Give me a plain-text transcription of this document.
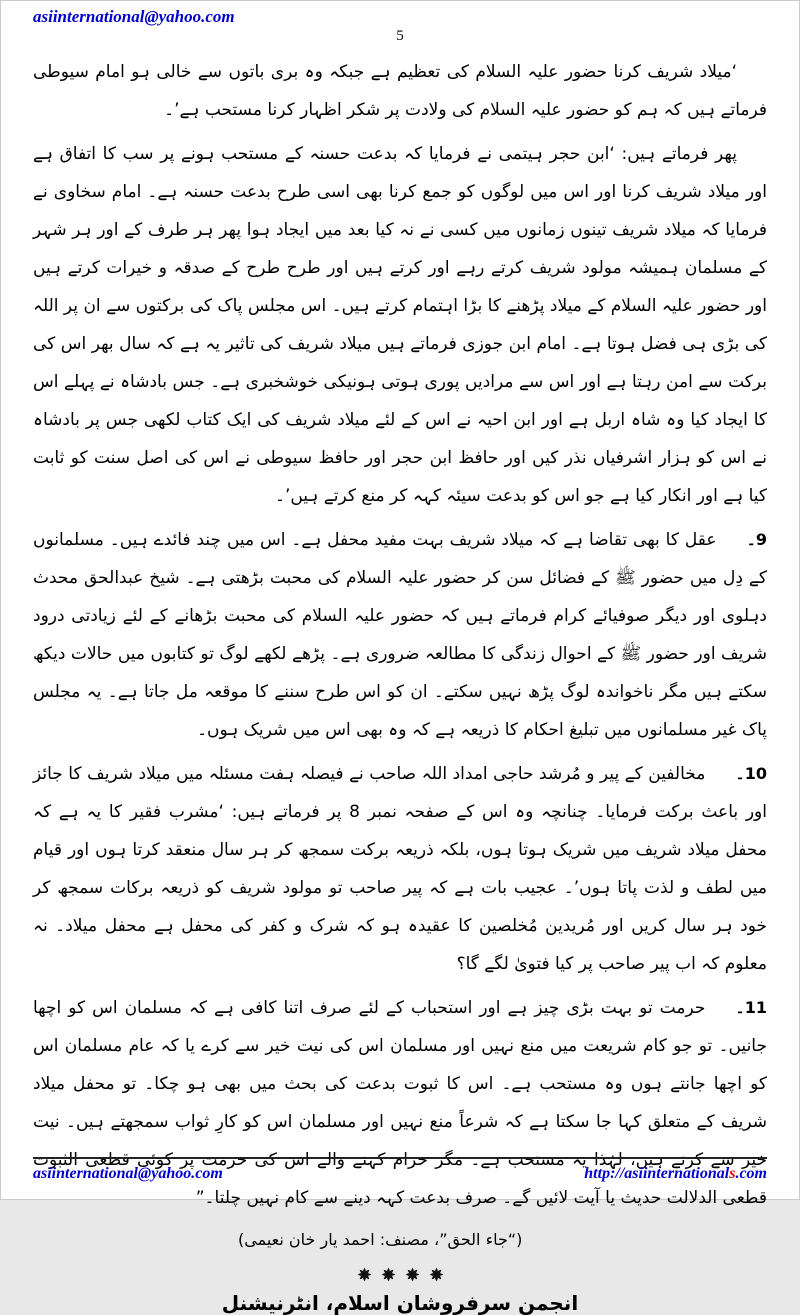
asiinternational@yahoo.com
5

‘میلاد شریف کرنا حضور علیہ السلام کی تعظیم ہے جبکہ وہ بری باتوں سے خالی ہو امام سیوطی فرماتے ہیں کہ ہم کو حضور علیہ السلام کی ولادت پر شکر اظہار کرنا مستحب ہے’۔

پھر فرماتے ہیں: ‘ابن حجر ہیتمی نے فرمایا کہ بدعت حسنہ کے مستحب ہونے پر سب کا اتفاق ہے اور میلاد شریف کرنا اور اس میں لوگوں کو جمع کرنا بھی اسی طرح بدعت حسنہ ہے۔ امام سخاوی نے فرمایا کہ میلاد شریف تینوں زمانوں میں کسی نے نہ کیا بعد میں ایجاد ہوا پھر ہر طرف کے اور ہر شہر کے مسلمان ہمیشہ مولود شریف کرتے رہے اور کرتے ہیں اور طرح طرح کے صدقہ و خیرات کرتے ہیں اور حضور علیہ السلام کے میلاد پڑھنے کا بڑا اہتمام کرتے ہیں۔ اس مجلس پاک کی برکتوں سے ان پر اللہ کی بڑی ہی فضل ہوتا ہے۔ امام ابن جوزی فرماتے ہیں میلاد شریف کی تاثیر یہ ہے کہ سال بھر اس کی برکت سے امن رہتا ہے اور اس سے مرادیں پوری ہوتی ہونیکی خوشخبری ہے۔ جس بادشاہ نے پہلے اس کا ایجاد کیا وہ شاہ اربل ہے اور ابن احیہ نے اس کے لئے میلاد شریف کی ایک کتاب لکھی جس پر بادشاہ نے اس کو ہزار اشرفیاں نذر کیں اور حافظ ابن حجر اور حافظ سیوطی نے اس کی اصل سنت کو ثابت کیا ہے اور انکار کیا ہے جو اس کو بدعت سیئہ کہہ کر منع کرتے ہیں’۔

9۔عقل کا بھی تقاضا ہے کہ میلاد شریف بہت مفید محفل ہے۔ اس میں چند فائدے ہیں۔ مسلمانوں کے دِل میں حضور ﷺ کے فضائل سن کر حضور علیہ السلام کی محبت بڑھتی ہے۔ شیخ عبدالحق محدث دہلوی اور دیگر صوفیائے کرام فرماتے ہیں کہ حضور علیہ السلام کی محبت بڑھانے کے لئے زیادتی درود شریف اور حضور ﷺ کے احوال زندگی کا مطالعہ ضروری ہے۔ پڑھے لکھے لوگ تو کتابوں میں حالات دیکھ سکتے ہیں مگر ناخواندہ لوگ پڑھ نہیں سکتے۔ ان کو اس طرح سننے کا موقعہ مل جاتا ہے۔ یہ مجلس پاک غیر مسلمانوں میں تبلیغ احکام کا ذریعہ ہے کہ وہ بھی اس میں شریک ہوں۔

10۔مخالفین کے پیر و مُرشد حاجی امداد اللہ صاحب نے فیصلہ ہفت مسئلہ میں میلاد شریف کا جائز اور باعث برکت فرمایا۔ چنانچہ وہ اس کے صفحہ نمبر 8 پر فرماتے ہیں: ‘مشرب فقیر کا یہ ہے کہ محفل میلاد شریف میں شریک ہوتا ہوں، بلکہ ذریعہ برکت سمجھ کر ہر سال منعقد کرتا ہوں اور قیام میں لطف و لذت پاتا ہوں’۔ عجیب بات ہے کہ پیر صاحب تو مولود شریف کو ذریعہ برکات سمجھ کر خود ہر سال کریں اور مُریدین مُخلصین کا عقیدہ ہو کہ شرک و کفر کی محفل ہے محفل میلاد۔ نہ معلوم کہ اب پیر صاحب پر کیا فتویٰ لگے گا؟

11۔حرمت تو بہت بڑی چیز ہے اور استحباب کے لئے صرف اتنا کافی ہے کہ مسلمان اس کو اچھا جانیں۔ تو جو کام شریعت میں منع نہیں اور مسلمان اس کی نیت خیر سے کرے یا کہ عام مسلمان اس کو اچھا جانتے ہوں وہ مستحب ہے۔ اس کا ثبوت بدعت کی بحث میں بھی ہو چکا۔ تو محفل میلاد شریف کے متعلق کہا جا سکتا ہے کہ شرعاً منع نہیں اور مسلمان اس کو کارِ ثواب سمجھتے ہیں۔ نیت خیر سے کرتے ہیں، لہٰذا یہ مستحب ہے۔ مگر حرام کہنے والے اس کی حرمت پر کوئی قطعی الثبوت قطعی الدلالت حدیث یا آیت لائیں گے۔ صرف بدعت کہہ دینے سے کام نہیں چلتا۔”

(“جاء الحق”، مصنف: احمد یار خان نعیمی)
انجمن سرفروشان اسلام، انٹرنیشنل
asiinternational@yahoo.com	http://asiinternationals.com
